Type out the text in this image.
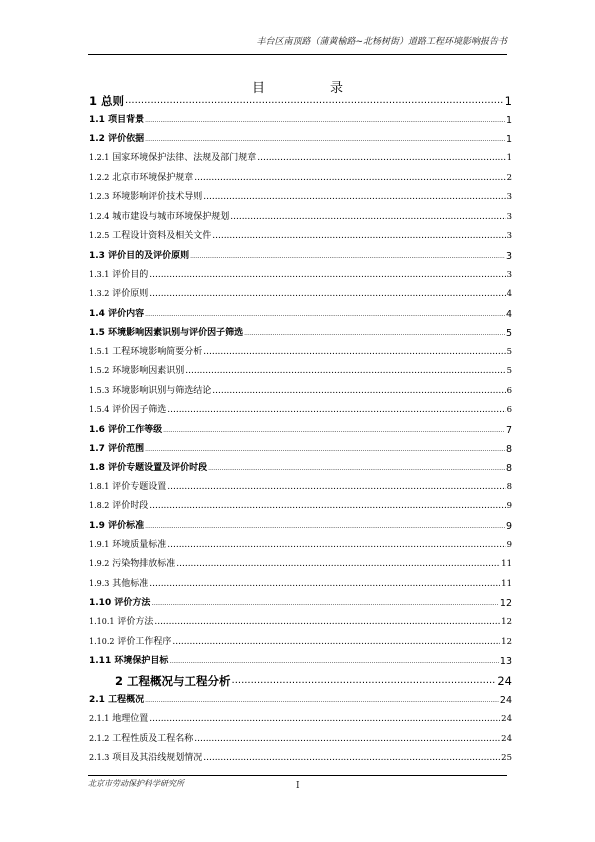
丰台区南顶路（蒲黄榆路~北杨树街）道路工程环境影响报告书
目　录
1 总则 .....	1
1.1 项目背景 .....	1
1.2 评价依据 .....	1
1.2.1 国家环境保护法律、法规及部门规章 .....	1
1.2.2 北京市环境保护规章 .....	2
1.2.3 环境影响评价技术导则 .....	3
1.2.4 城市建设与城市环境保护规划 .....	3
1.2.5 工程设计资料及相关文件 .....	3
1.3 评价目的及评价原则 .....	3
1.3.1 评价目的 .....	3
1.3.2 评价原则 .....	4
1.4 评价内容 .....	4
1.5 环境影响因素识别与评价因子筛选 .....	5
1.5.1 工程环境影响简要分析 .....	5
1.5.2 环境影响因素识别 .....	5
1.5.3 环境影响识别与筛选结论 .....	6
1.5.4 评价因子筛选 .....	6
1.6 评价工作等级 .....	7
1.7 评价范围 .....	8
1.8 评价专题设置及评价时段 .....	8
1.8.1 评价专题设置 .....	8
1.8.2 评价时段 .....	9
1.9 评价标准 .....	9
1.9.1 环境质量标准 .....	9
1.9.2 污染物排放标准 .....	11
1.9.3 其他标准 .....	11
1.10 评价方法 .....	12
1.10.1 评价方法 .....	12
1.10.2 评价工作程序 .....	12
1.11 环境保护目标 .....	13
2 工程概况与工程分析 .....	24
2.1 工程概况 .....	24
2.1.1 地理位置 .....	24
2.1.2 工程性质及工程名称 .....	24
2.1.3 项目及其沿线规划情况 .....	25
北京市劳动保护科学研究所	I
